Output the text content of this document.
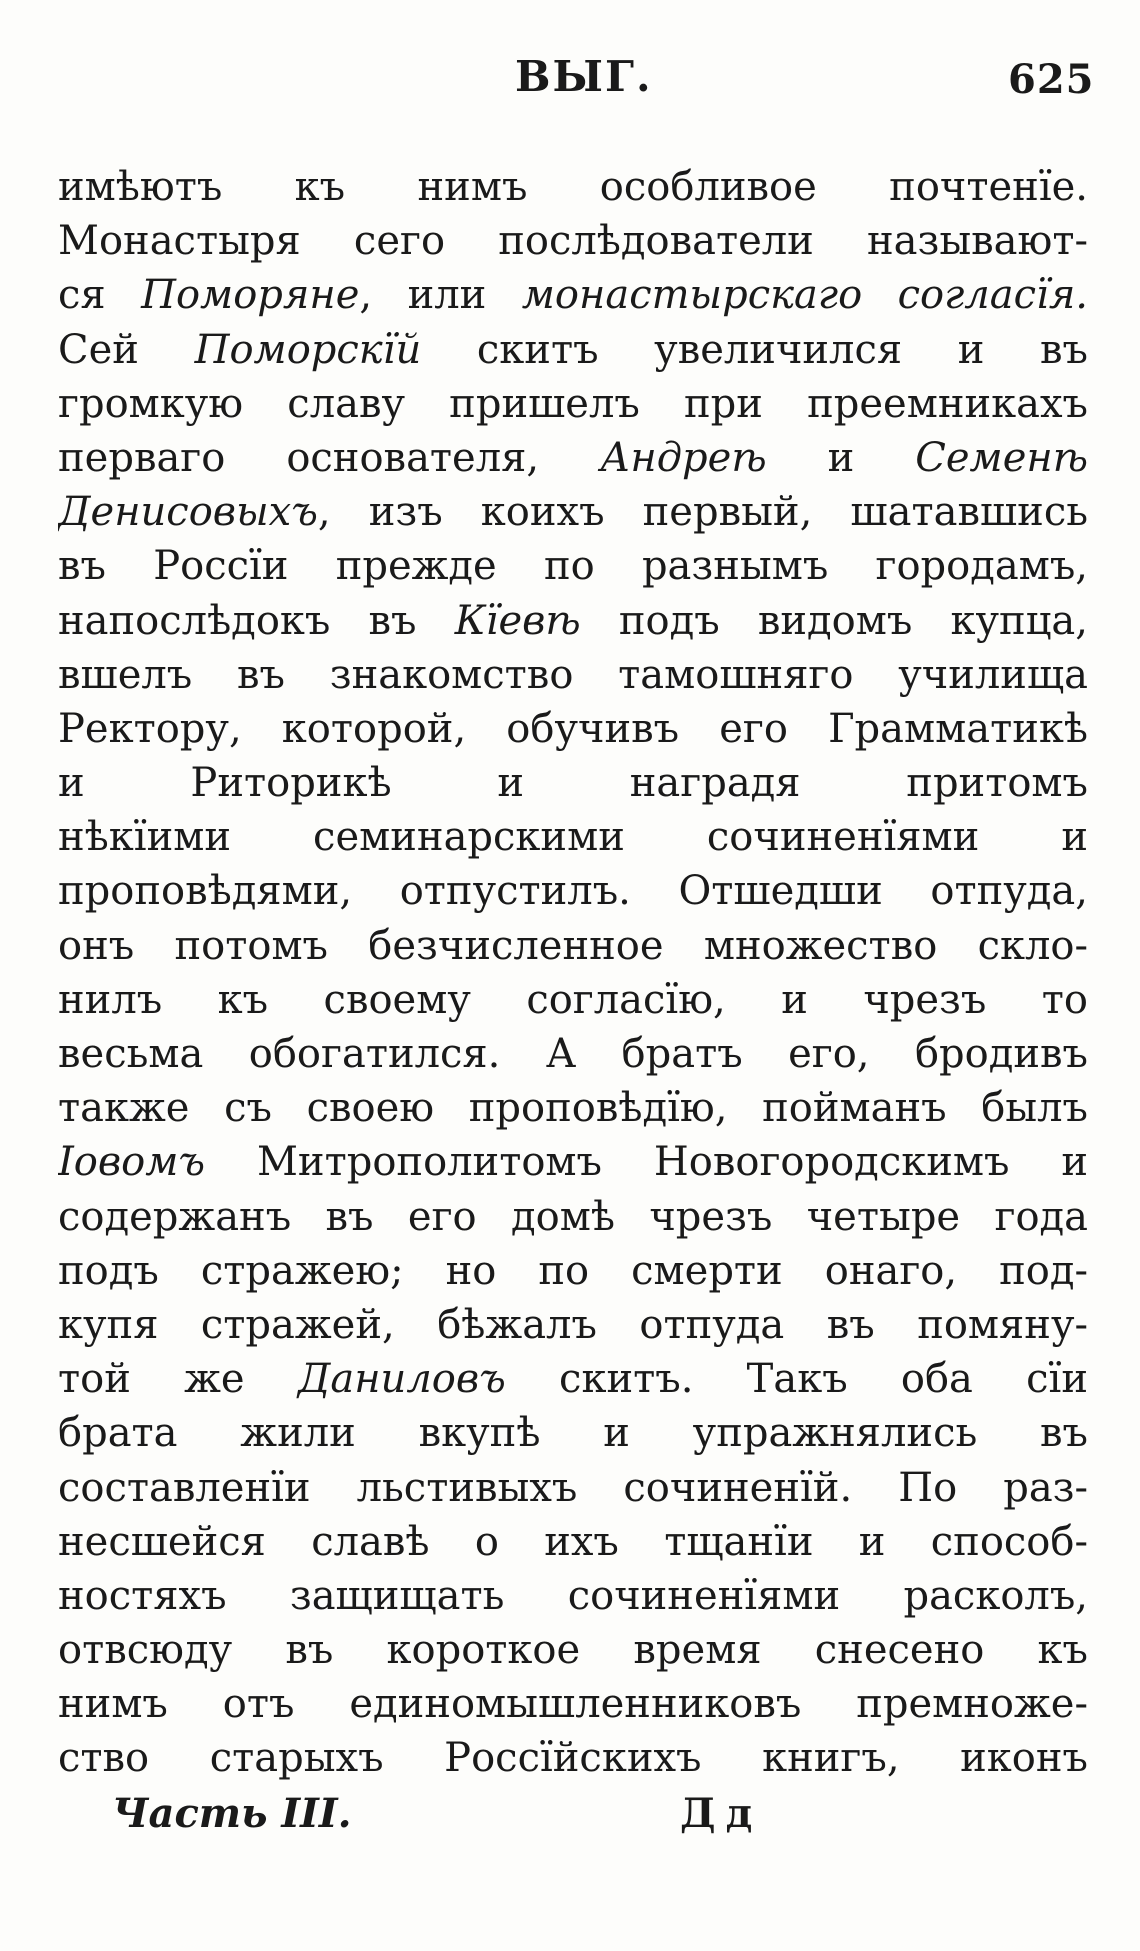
ВЫГ.	625
имѣютъ къ нимъ особливое почтенїе.
Монастыря сего послѣдователи называют-
ся Поморяне, или монастырскаго согласїя.
Сей Поморскїй скитъ увеличился и въ
громкую славу пришелъ при преемникахъ
перваго основателя, Андреѣ и Семенѣ
Денисовыхъ, изъ коихъ первый, шатавшись
въ Россїи прежде по разнымъ городамъ,
напослѣдокъ въ Кїевѣ подъ видомъ купца,
вшелъ въ знакомство тамошняго училища
Ректору, которой, обучивъ его Грамматикѣ
и Риторикѣ и наградя притомъ
нѣкїими семинарскими сочиненїями и
проповѣдями, отпустилъ. Отшедши отпуда,
онъ потомъ безчисленное множество скло-
нилъ къ своему согласїю, и чрезъ то
весьма обогатился. А братъ его, бродивъ
также съ своею проповѣдїю, пойманъ былъ
Іовомъ Митрополитомъ Новогородскимъ и
содержанъ въ его домѣ чрезъ четыре года
подъ стражею; но по смерти онаго, под-
купя стражей, бѣжалъ отпуда въ помяну-
той же Даниловъ скитъ. Такъ оба сїи
брата жили вкупѣ и упражнялись въ
составленїи льстивыхъ сочиненїй. По раз-
несшейся славѣ о ихъ тщанїи и способ-
ностяхъ защищать сочиненїями расколъ,
отвсюду въ короткое время снесено къ
нимъ отъ единомышленниковъ премноже-
ство старыхъ Россїйскихъ книгъ, иконъ
Часть III.	Дд
